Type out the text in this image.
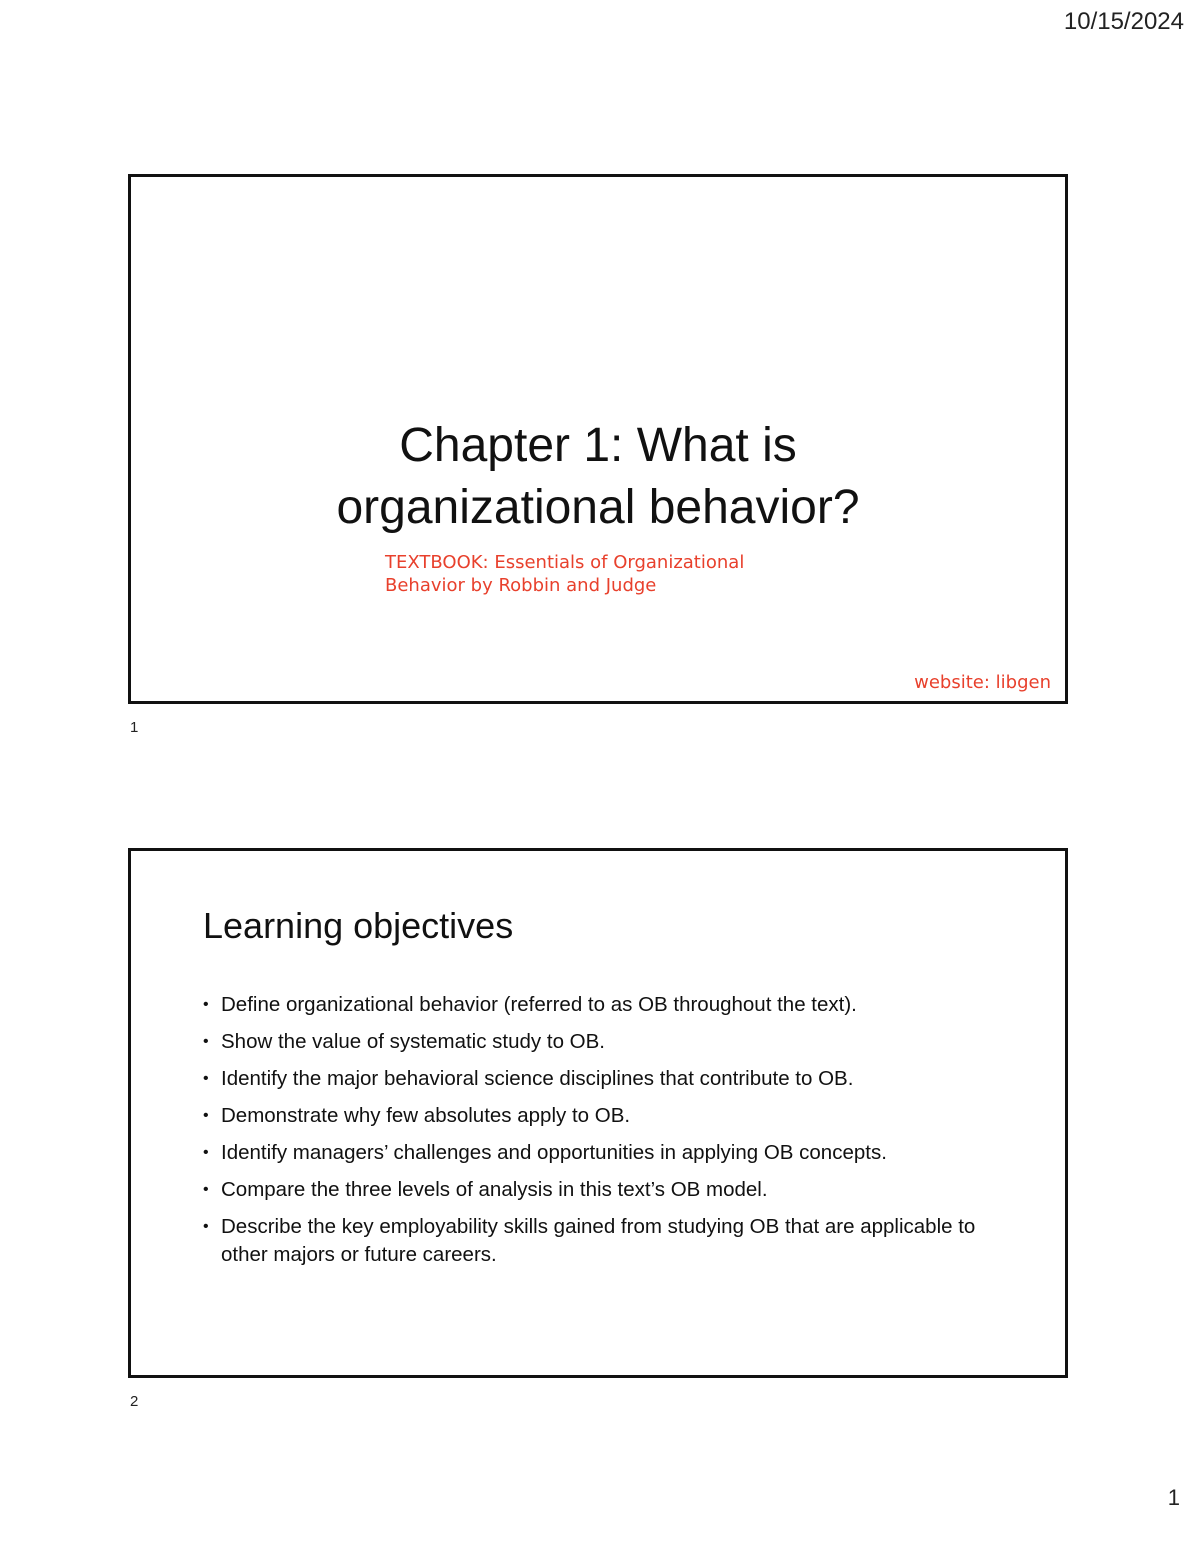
10/15/2024
Chapter 1: What is
organizational behavior?
TEXTBOOK: Essentials of Organizational
Behavior by Robbin and Judge
website: libgen
1
Learning objectives
• Define organizational behavior (referred to as OB throughout the text).
• Show the value of systematic study to OB.
• Identify the major behavioral science disciplines that contribute to OB.
• Demonstrate why few absolutes apply to OB.
• Identify managers’ challenges and opportunities in applying OB concepts.
• Compare the three levels of analysis in this text’s OB model.
• Describe the key employability skills gained from studying OB that are applicable to other majors or future careers.
2
1
